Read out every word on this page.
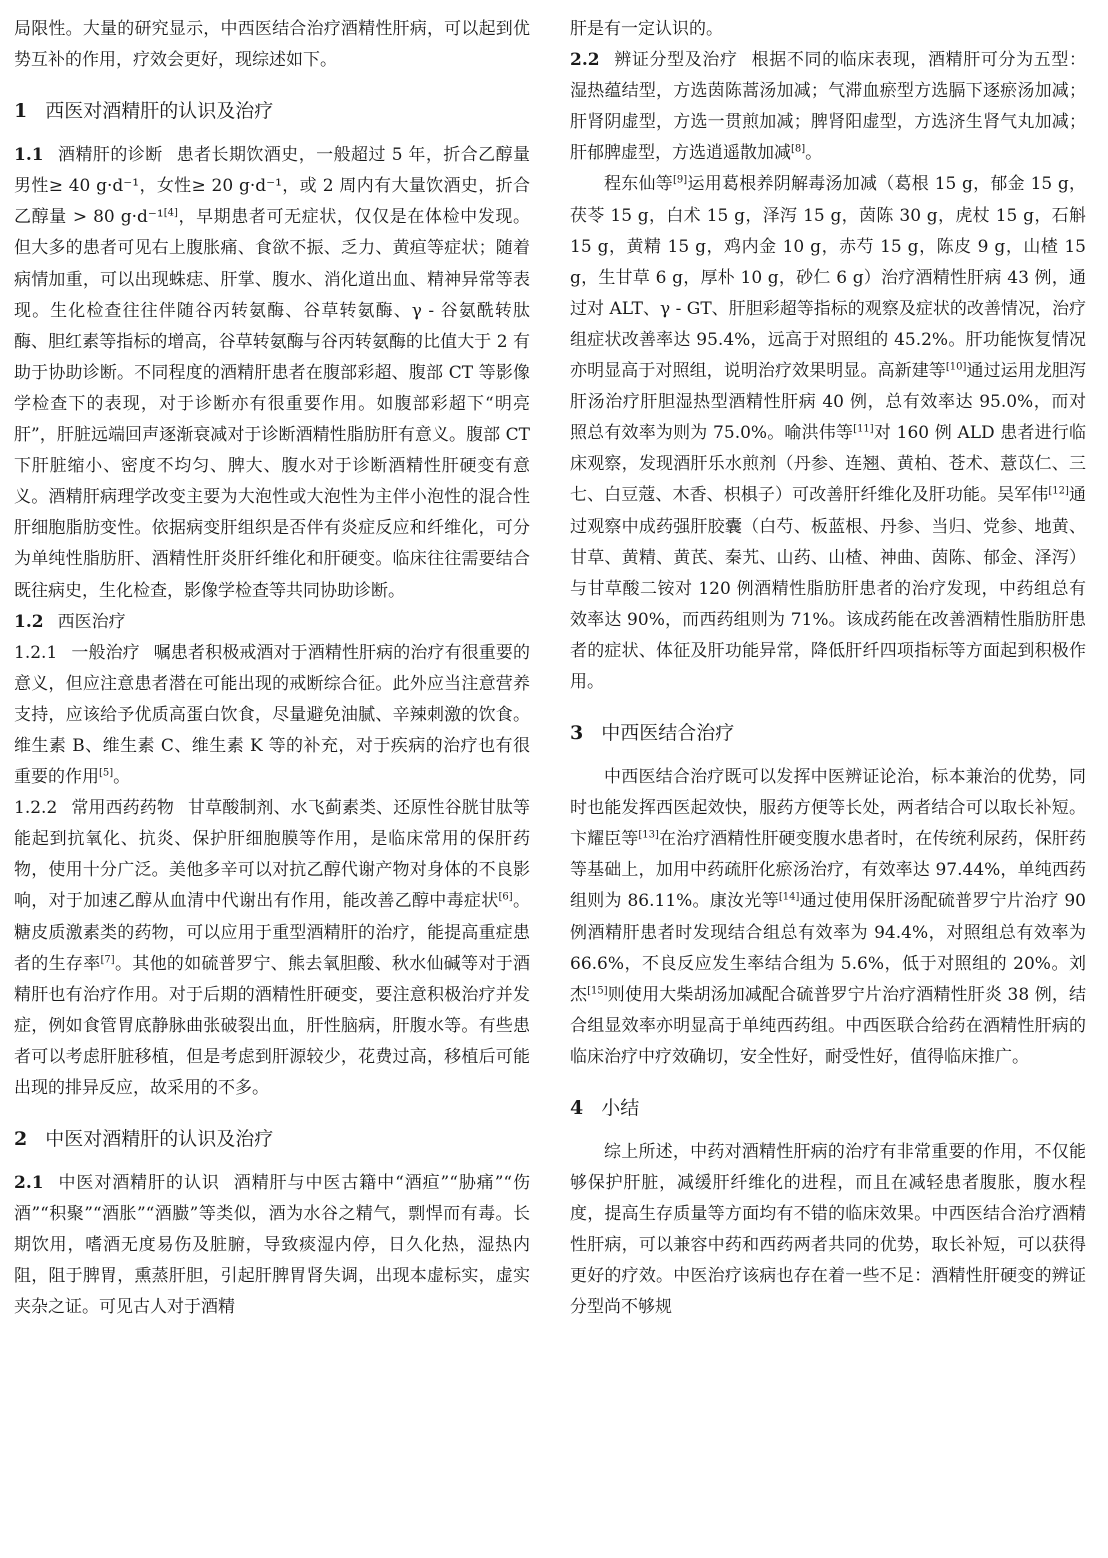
局限性。大量的研究显示，中西医结合治疗酒精性肝病，可以起到优势互补的作用，疗效会更好，现综述如下。

1 西医对酒精肝的认识及治疗

1.1 酒精肝的诊断 患者长期饮酒史，一般超过 5 年，折合乙醇量男性≥ 40 g·d⁻¹，女性≥ 20 g·d⁻¹，或 2 周内有大量饮酒史，折合乙醇量 > 80 g·d⁻¹[4]，早期患者可无症状，仅仅是在体检中发现。但大多的患者可见右上腹胀痛、食欲不振、乏力、黄疸等症状；随着病情加重，可以出现蛛痣、肝掌、腹水、消化道出血、精神异常等表现。生化检查往往伴随谷丙转氨酶、谷草转氨酶、γ - 谷氨酰转肽酶、胆红素等指标的增高，谷草转氨酶与谷丙转氨酶的比值大于 2 有助于协助诊断。不同程度的酒精肝患者在腹部彩超、腹部 CT 等影像学检查下的表现，对于诊断亦有很重要作用。如腹部彩超下“明亮肝”，肝脏远端回声逐渐衰减对于诊断酒精性脂肪肝有意义。腹部 CT 下肝脏缩小、密度不均匀、脾大、腹水对于诊断酒精性肝硬变有意义。酒精肝病理学改变主要为大泡性或大泡性为主伴小泡性的混合性肝细胞脂肪变性。依据病变肝组织是否伴有炎症反应和纤维化，可分为单纯性脂肪肝、酒精性肝炎肝纤维化和肝硬变。临床往往需要结合既往病史，生化检查，影像学检查等共同协助诊断。

1.2 西医治疗

1.2.1 一般治疗 嘱患者积极戒酒对于酒精性肝病的治疗有很重要的意义，但应注意患者潜在可能出现的戒断综合征。此外应当注意营养支持，应该给予优质高蛋白饮食，尽量避免油腻、辛辣刺激的饮食。维生素 B、维生素 C、维生素 K 等的补充，对于疾病的治疗也有很重要的作用[5]。

1.2.2 常用西药药物 甘草酸制剂、水飞蓟素类、还原性谷胱甘肽等能起到抗氧化、抗炎、保护肝细胞膜等作用，是临床常用的保肝药物，使用十分广泛。美他多辛可以对抗乙醇代谢产物对身体的不良影响，对于加速乙醇从血清中代谢出有作用，能改善乙醇中毒症状[6]。糖皮质激素类的药物，可以应用于重型酒精肝的治疗，能提高重症患者的生存率[7]。其他的如硫普罗宁、熊去氧胆酸、秋水仙碱等对于酒精肝也有治疗作用。对于后期的酒精性肝硬变，要注意积极治疗并发症，例如食管胃底静脉曲张破裂出血，肝性脑病，肝腹水等。有些患者可以考虑肝脏移植，但是考虑到肝源较少，花费过高，移植后可能出现的排异反应，故采用的不多。

2 中医对酒精肝的认识及治疗

2.1 中医对酒精肝的认识 酒精肝与中医古籍中“酒疸”“胁痛”“伤酒”“积聚”“酒胀”“酒臌”等类似，酒为水谷之精气，剽悍而有毒。长期饮用，嗜酒无度易伤及脏腑，导致痰湿内停，日久化热，湿热内阻，阻于脾胃，熏蒸肝胆，引起肝脾胃肾失调，出现本虚标实，虚实夹杂之证。可见古人对于酒精

肝是有一定认识的。

2.2 辨证分型及治疗 根据不同的临床表现，酒精肝可分为五型：湿热蕴结型，方选茵陈蒿汤加减；气滞血瘀型方选膈下逐瘀汤加减；肝肾阴虚型，方选一贯煎加减；脾肾阳虚型，方选济生肾气丸加减；肝郁脾虚型，方选逍遥散加减[8]。

程东仙等[9]运用葛根养阴解毒汤加减（葛根 15 g，郁金 15 g，茯苓 15 g，白术 15 g，泽泻 15 g，茵陈 30 g，虎杖 15 g，石斛 15 g，黄精 15 g，鸡内金 10 g，赤芍 15 g，陈皮 9 g，山楂 15 g，生甘草 6 g，厚朴 10 g，砂仁 6 g）治疗酒精性肝病 43 例，通过对 ALT、γ - GT、肝胆彩超等指标的观察及症状的改善情况，治疗组症状改善率达 95.4%，远高于对照组的 45.2%。肝功能恢复情况亦明显高于对照组，说明治疗效果明显。高新建等[10]通过运用龙胆泻肝汤治疗肝胆湿热型酒精性肝病 40 例，总有效率达 95.0%，而对照总有效率为则为 75.0%。喻洪伟等[11]对 160 例 ALD 患者进行临床观察，发现酒肝乐水煎剂（丹参、连翘、黄柏、苍术、薏苡仁、三七、白豆蔻、木香、枳椇子）可改善肝纤维化及肝功能。吴军伟[12]通过观察中成药强肝胶囊（白芍、板蓝根、丹参、当归、党参、地黄、甘草、黄精、黄芪、秦艽、山药、山楂、神曲、茵陈、郁金、泽泻）与甘草酸二铵对 120 例酒精性脂肪肝患者的治疗发现，中药组总有效率达 90%，而西药组则为 71%。该成药能在改善酒精性脂肪肝患者的症状、体征及肝功能异常，降低肝纤四项指标等方面起到积极作用。

3 中西医结合治疗

中西医结合治疗既可以发挥中医辨证论治，标本兼治的优势，同时也能发挥西医起效快，服药方便等长处，两者结合可以取长补短。卞耀臣等[13]在治疗酒精性肝硬变腹水患者时，在传统利尿药，保肝药等基础上，加用中药疏肝化瘀汤治疗，有效率达 97.44%，单纯西药组则为 86.11%。康汝光等[14]通过使用保肝汤配硫普罗宁片治疗 90 例酒精肝患者时发现结合组总有效率为 94.4%，对照组总有效率为 66.6%，不良反应发生率结合组为 5.6%，低于对照组的 20%。刘杰[15]则使用大柴胡汤加减配合硫普罗宁片治疗酒精性肝炎 38 例，结合组显效率亦明显高于单纯西药组。中西医联合给药在酒精性肝病的临床治疗中疗效确切，安全性好，耐受性好，值得临床推广。

4 小结

综上所述，中药对酒精性肝病的治疗有非常重要的作用，不仅能够保护肝脏，减缓肝纤维化的进程，而且在减轻患者腹胀，腹水程度，提高生存质量等方面均有不错的临床效果。中西医结合治疗酒精性肝病，可以兼容中药和西药两者共同的优势，取长补短，可以获得更好的疗效。中医治疗该病也存在着一些不足：酒精性肝硬变的辨证分型尚不够规
